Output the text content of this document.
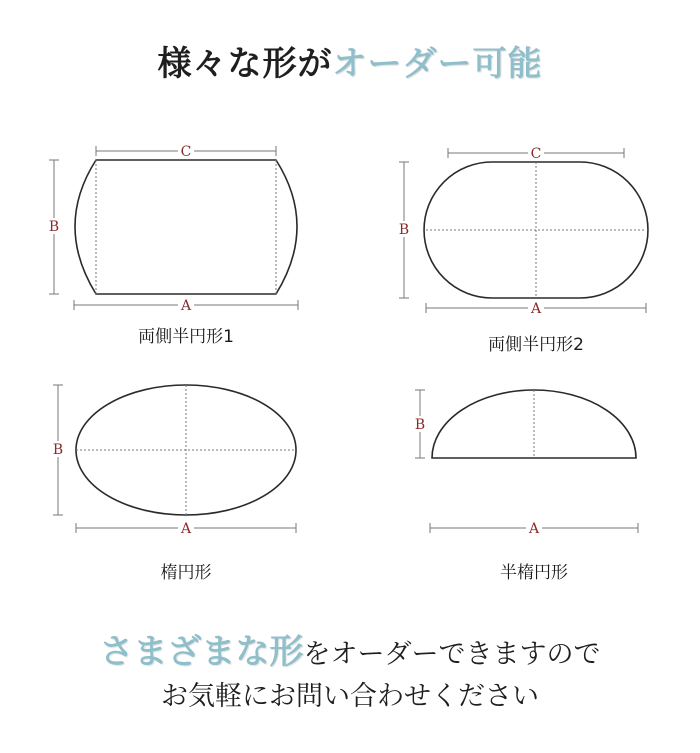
様々な形がオーダー可能
C
B
A
C
B
A
B
A
B
A
両側半円形1	両側半円形2
楕円形	半楕円形
さまざまな形をオーダーできますので
お気軽にお問い合わせください
